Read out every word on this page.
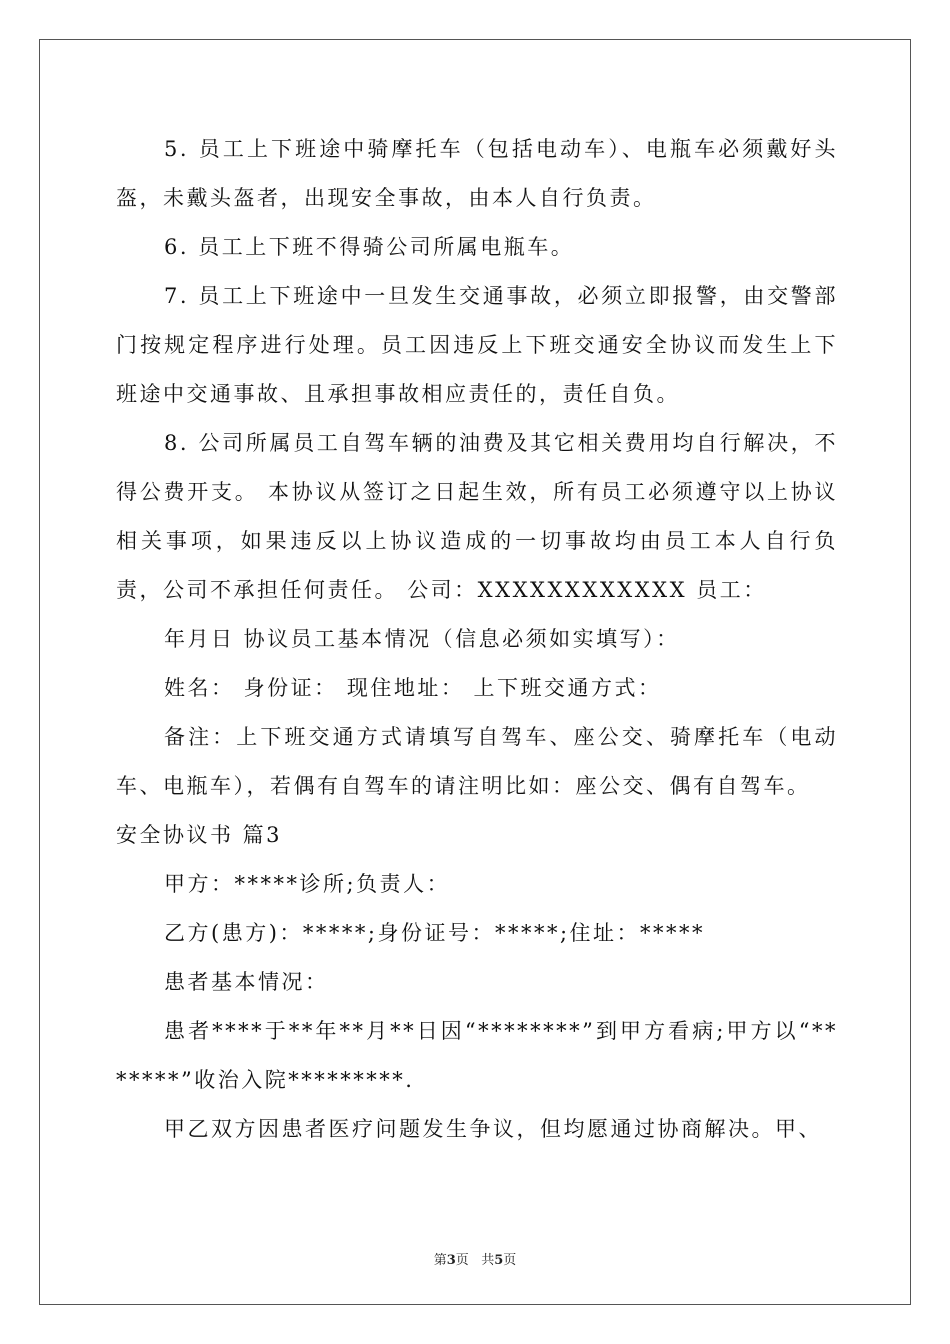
5. 员工上下班途中骑摩托车（包括电动车）、电瓶车必须戴好头盔，未戴头盔者，出现安全事故，由本人自行负责。

6. 员工上下班不得骑公司所属电瓶车。

7. 员工上下班途中一旦发生交通事故，必须立即报警，由交警部门按规定程序进行处理。员工因违反上下班交通安全协议而发生上下班途中交通事故、且承担事故相应责任的，责任自负。

8. 公司所属员工自驾车辆的油费及其它相关费用均自行解决，不得公费开支。 本协议从签订之日起生效，所有员工必须遵守以上协议相关事项，如果违反以上协议造成的一切事故均由员工本人自行负责，公司不承担任何责任。 公司：XXXXXXXXXXXX 员工：

年月日 协议员工基本情况（信息必须如实填写）：

姓名： 身份证： 现住地址： 上下班交通方式：

备注：上下班交通方式请填写自驾车、座公交、骑摩托车（电动车、电瓶车），若偶有自驾车的请注明比如：座公交、偶有自驾车。

安全协议书 篇3

甲方：*****诊所;负责人：

乙方(患方)：*****;身份证号：*****;住址：*****

患者基本情况：

患者****于**年**月**日因“********”到甲方看病;甲方以“*******”收治入院*********.

甲乙双方因患者医疗问题发生争议，但均愿通过协商解决。甲、

第3页 共5页
